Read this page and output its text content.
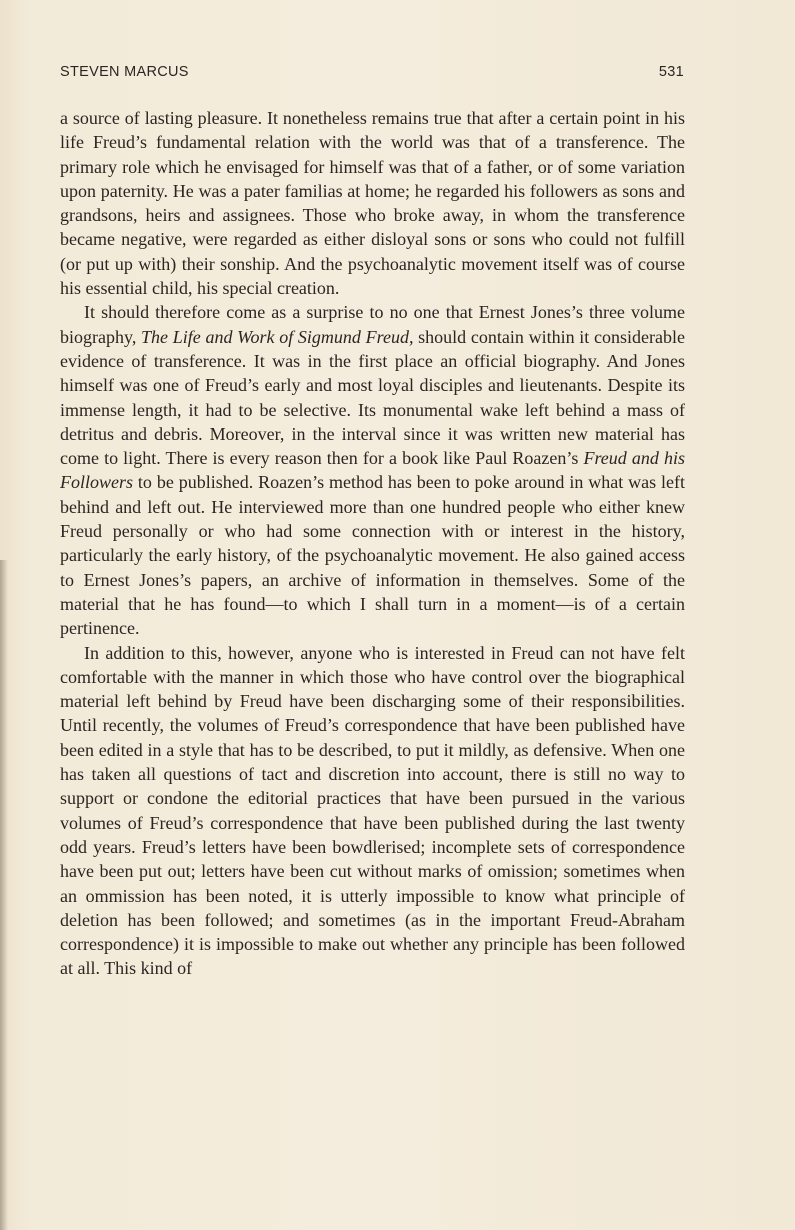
STEVEN MARCUS	531

a source of lasting pleasure. It nonetheless remains true that after a certain point in his life Freud’s fundamental relation with the world was that of a transference. The primary role which he envisaged for himself was that of a father, or of some variation upon paternity. He was a pater familias at home; he regarded his followers as sons and grandsons, heirs and assignees. Those who broke away, in whom the transference became negative, were regarded as either disloyal sons or sons who could not fulfill (or put up with) their sonship. And the psychoanalytic movement itself was of course his essential child, his special creation.

It should therefore come as a surprise to no one that Ernest Jones’s three volume biography, The Life and Work of Sigmund Freud, should contain within it considerable evidence of transference. It was in the first place an official biography. And Jones himself was one of Freud’s early and most loyal disciples and lieutenants. Despite its immense length, it had to be selective. Its monumental wake left behind a mass of detritus and debris. Moreover, in the interval since it was written new material has come to light. There is every reason then for a book like Paul Roazen’s Freud and his Followers to be published. Roazen’s method has been to poke around in what was left behind and left out. He interviewed more than one hundred people who either knew Freud personally or who had some connection with or interest in the history, particularly the early history, of the psychoanalytic movement. He also gained access to Ernest Jones’s papers, an archive of information in themselves. Some of the material that he has found—to which I shall turn in a moment—is of a certain pertinence.

In addition to this, however, anyone who is interested in Freud can not have felt comfortable with the manner in which those who have control over the biographical material left behind by Freud have been discharging some of their responsibilities. Until recently, the volumes of Freud’s correspondence that have been published have been edited in a style that has to be described, to put it mildly, as defensive. When one has taken all questions of tact and discretion into account, there is still no way to support or condone the editorial practices that have been pursued in the various volumes of Freud’s correspondence that have been published during the last twenty odd years. Freud’s letters have been bowdlerised; incomplete sets of correspondence have been put out; letters have been cut without marks of omission; sometimes when an ommission has been noted, it is utterly impossible to know what principle of deletion has been followed; and sometimes (as in the important Freud-Abraham correspondence) it is impossible to make out whether any principle has been followed at all. This kind of
